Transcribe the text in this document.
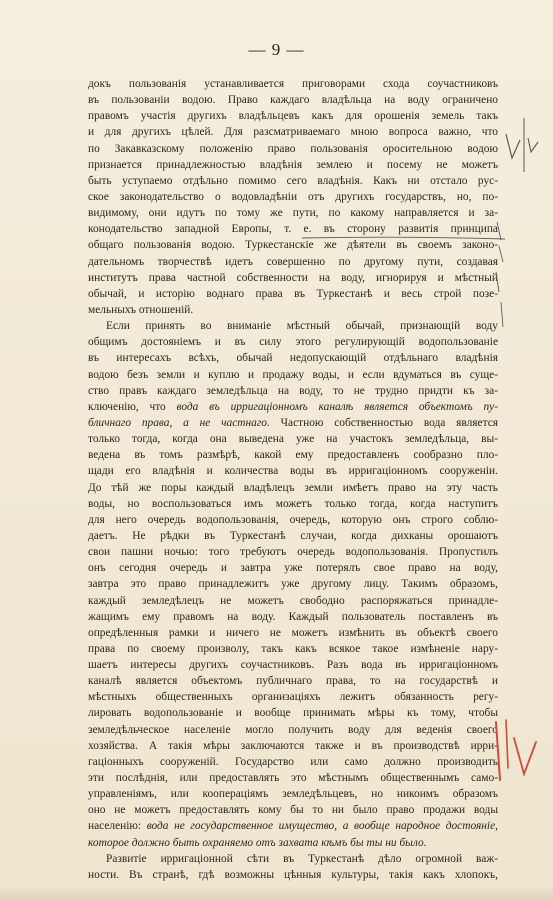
— 9 —
докъ пользованія устанавливается приговорами схода соучастниковъ
въ пользованіи водою. Право каждаго владѣльца на воду ограничено
правомъ участія другихъ владѣльцевъ какъ для орошенія земель такъ
и для другихъ цѣлей. Для разсматриваемаго мною вопроса важно, что
по Закавказскому положенію право пользованія оросительною водою
признается принадлежностью владѣнія землею и посему не можетъ
быть уступаемо отдѣльно помимо сего владѣнія. Какъ ни отстало рус-
ское законодательство о водовладѣніи отъ другихъ государствъ, но, по-
видимому, они идутъ по тому же пути, по какому направляется и за-
конодательство западной Европы, т. е. въ сторону развитія принципа
общаго пользованія водою. Туркестанскіе же дѣятели въ своемъ законо-
дательномъ творчествѣ идетъ совершенно по другому пути, создавая
институтъ права частной собственности на воду, игнорируя и мѣстный
обычай, и исторію воднаго права въ Туркестанѣ и весь строй позе-
мельныхъ отношеній.
Если принять во вниманіе мѣстный обычай, признающій воду
общимъ достояніемъ и въ силу этого регулирующій водопользованіе
въ интересахъ всѣхъ, обычай недопускающій отдѣльнаго владѣнія
водою безъ земли и куплю и продажу воды, и если вдуматься въ суще-
ство правъ каждаго земледѣльца на воду, то не трудно придти къ за-
ключенію, что вода въ ирригаціонномъ каналѣ является объектомъ пу-
бличнаго права, а не частнаго. Частною собственностью вода является
только тогда, когда она выведена уже на участокъ земледѣльца, вы-
ведена въ томъ размѣрѣ, какой ему предоставленъ сообразно пло-
щади его владѣнія и количества воды въ ирригаціонномъ сооруженіи.
До тѣй же поры каждый владѣлецъ земли имѣетъ право на эту часть
воды, но воспользоваться имъ можетъ только тогда, когда наступитъ
для него очередь водопользованія, очередь, которую онъ строго соблю-
даетъ. Не рѣдки въ Туркестанѣ случаи, когда дихканы орошаютъ
свои пашни ночью: того требуютъ очередь водопользованія. Пропустилъ
онъ сегодня очередь и завтра уже потерялъ свое право на воду,
завтра это право принадлежитъ уже другому лицу. Такимъ образомъ,
каждый земледѣлецъ не можетъ свободно распоряжаться принадле-
жащимъ ему правомъ на воду. Каждый пользователь поставленъ въ
опредѣленныя рамки и ничего не можетъ измѣнить въ объектѣ своего
права по своему произволу, такъ какъ всякое такое измѣненіе нару-
шаетъ интересы другихъ соучастниковъ. Разъ вода въ ирригаціонномъ
каналѣ является объектомъ публичнаго права, то на государствѣ и
мѣстныхъ общественныхъ организаціяхъ лежитъ обязанность регу-
лировать водопользованіе и вообще принимать мѣры къ тому, чтобы
земледѣльческое населеніе могло получить воду для веденія своего
хозяйства. А такія мѣры заключаются также и въ производствѣ ирри-
гаціонныхъ сооруженій. Государство или само должно производить
эти послѣднія, или предоставлять это мѣстнымъ общественнымъ само-
управленіямъ, или кооперацiямъ земледѣльцевъ, но никоимъ образомъ
оно не можетъ предоставлять кому бы то ни было право продажи воды
населенію: вода не государственное имущество, а вообще народное достояніе,
которое должно быть охраняемо отъ захвата кѣмъ бы ты ни было.
Развитіе ирригаціонной сѣти въ Туркестанѣ дѣло огромной важ-
ности. Въ странѣ, гдѣ возможны цѣнныя культуры, такія какъ хлопокъ,
